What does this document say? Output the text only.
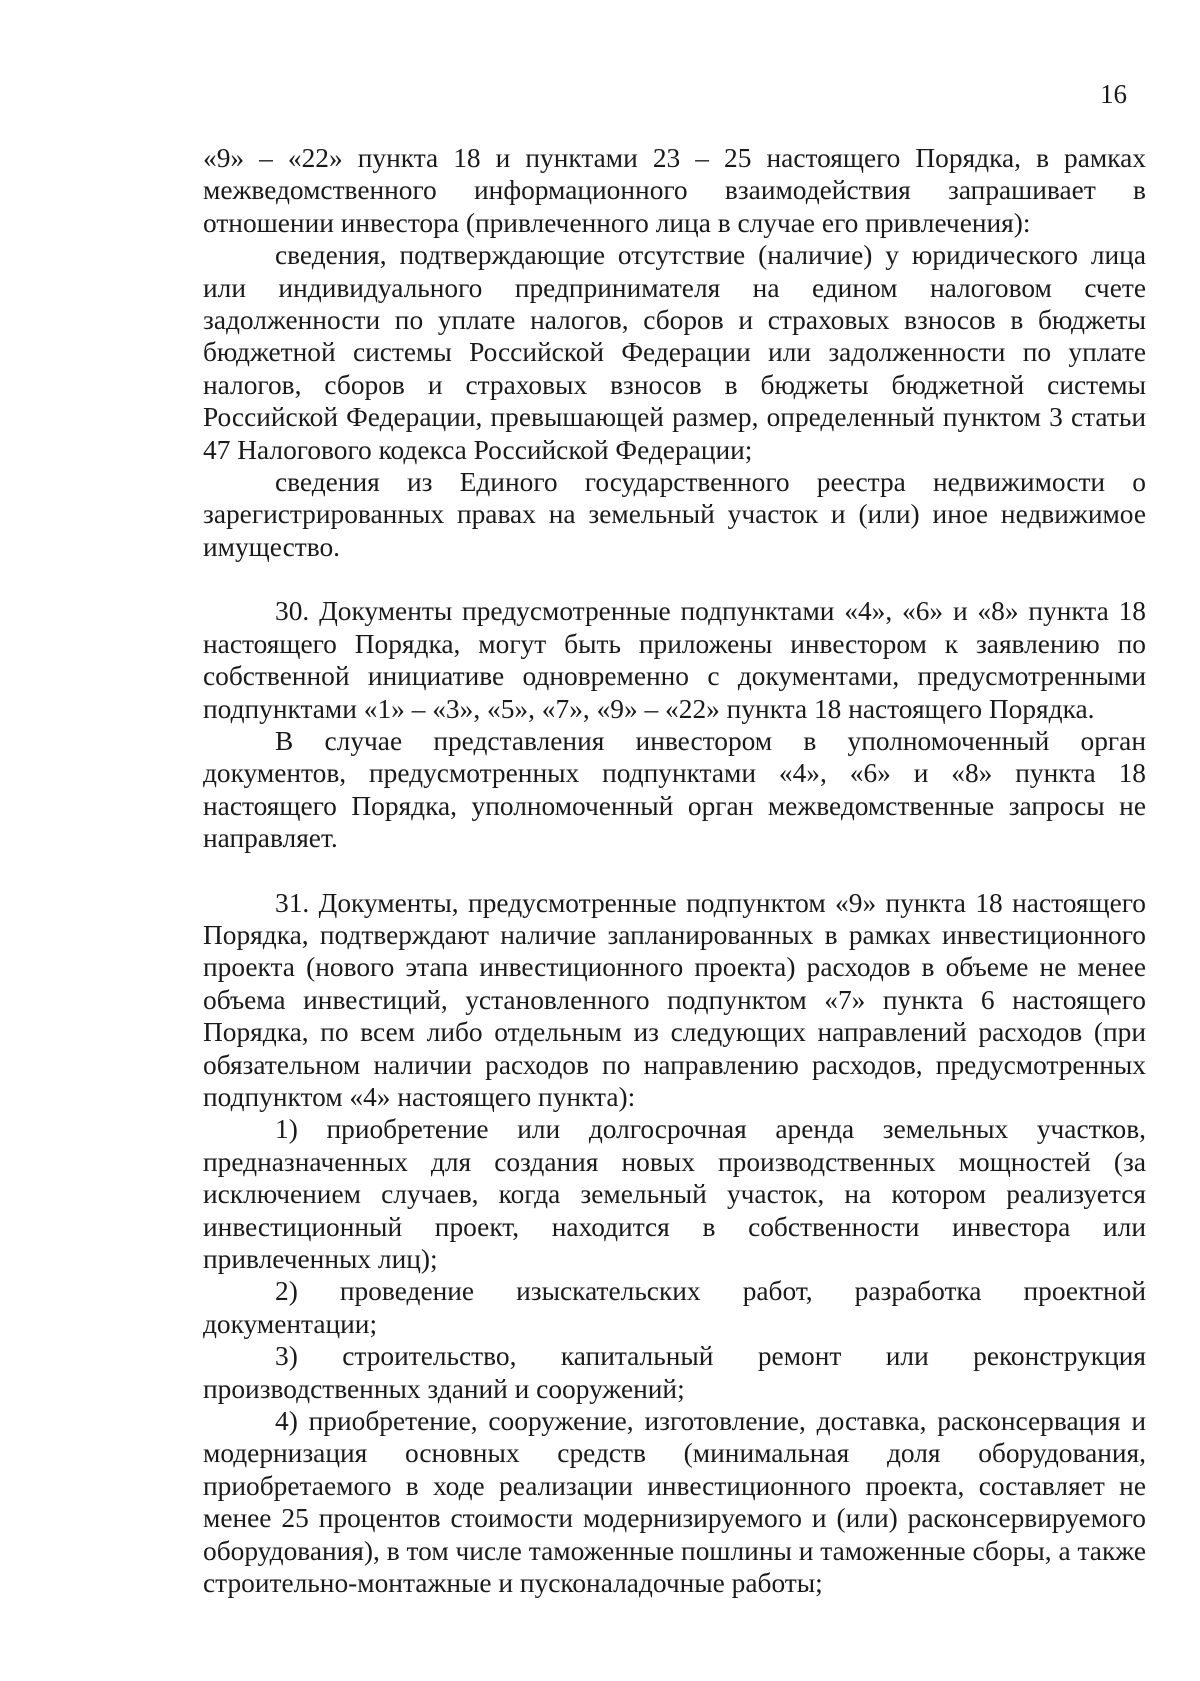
16

«9» – «22» пункта 18 и пунктами 23 – 25 настоящего Порядка, в рамках межведомственного информационного взаимодействия запрашивает в отношении инвестора (привлеченного лица в случае его привлечения):

сведения, подтверждающие отсутствие (наличие) у юридического лица или индивидуального предпринимателя на едином налоговом счете задолженности по уплате налогов, сборов и страховых взносов в бюджеты бюджетной системы Российской Федерации или задолженности по уплате налогов, сборов и страховых взносов в бюджеты бюджетной системы Российской Федерации, превышающей размер, определенный пунктом 3 статьи 47 Налогового кодекса Российской Федерации;

сведения из Единого государственного реестра недвижимости о зарегистрированных правах на земельный участок и (или) иное недвижимое имущество.

30. Документы предусмотренные подпунктами «4», «6» и «8» пункта 18 настоящего Порядка, могут быть приложены инвестором к заявлению по собственной инициативе одновременно с документами, предусмотренными подпунктами «1» – «3», «5», «7», «9» – «22» пункта 18 настоящего Порядка.

В случае представления инвестором в уполномоченный орган документов, предусмотренных подпунктами «4», «6» и «8» пункта 18 настоящего Порядка, уполномоченный орган межведомственные запросы не направляет.

31. Документы, предусмотренные подпунктом «9» пункта 18 настоящего Порядка, подтверждают наличие запланированных в рамках инвестиционного проекта (нового этапа инвестиционного проекта) расходов в объеме не менее объема инвестиций, установленного подпунктом «7» пункта 6 настоящего Порядка, по всем либо отдельным из следующих направлений расходов (при обязательном наличии расходов по направлению расходов, предусмотренных подпунктом «4» настоящего пункта):

1) приобретение или долгосрочная аренда земельных участков, предназначенных для создания новых производственных мощностей (за исключением случаев, когда земельный участок, на котором реализуется инвестиционный проект, находится в собственности инвестора или привлеченных лиц);

2) проведение изыскательских работ, разработка проектной документации;

3) строительство, капитальный ремонт или реконструкция производственных зданий и сооружений;

4) приобретение, сооружение, изготовление, доставка, расконсервация и модернизация основных средств (минимальная доля оборудования, приобретаемого в ходе реализации инвестиционного проекта, составляет не менее 25 процентов стоимости модернизируемого и (или) расконсервируемого оборудования), в том числе таможенные пошлины и таможенные сборы, а также строительно-монтажные и пусконаладочные работы;
